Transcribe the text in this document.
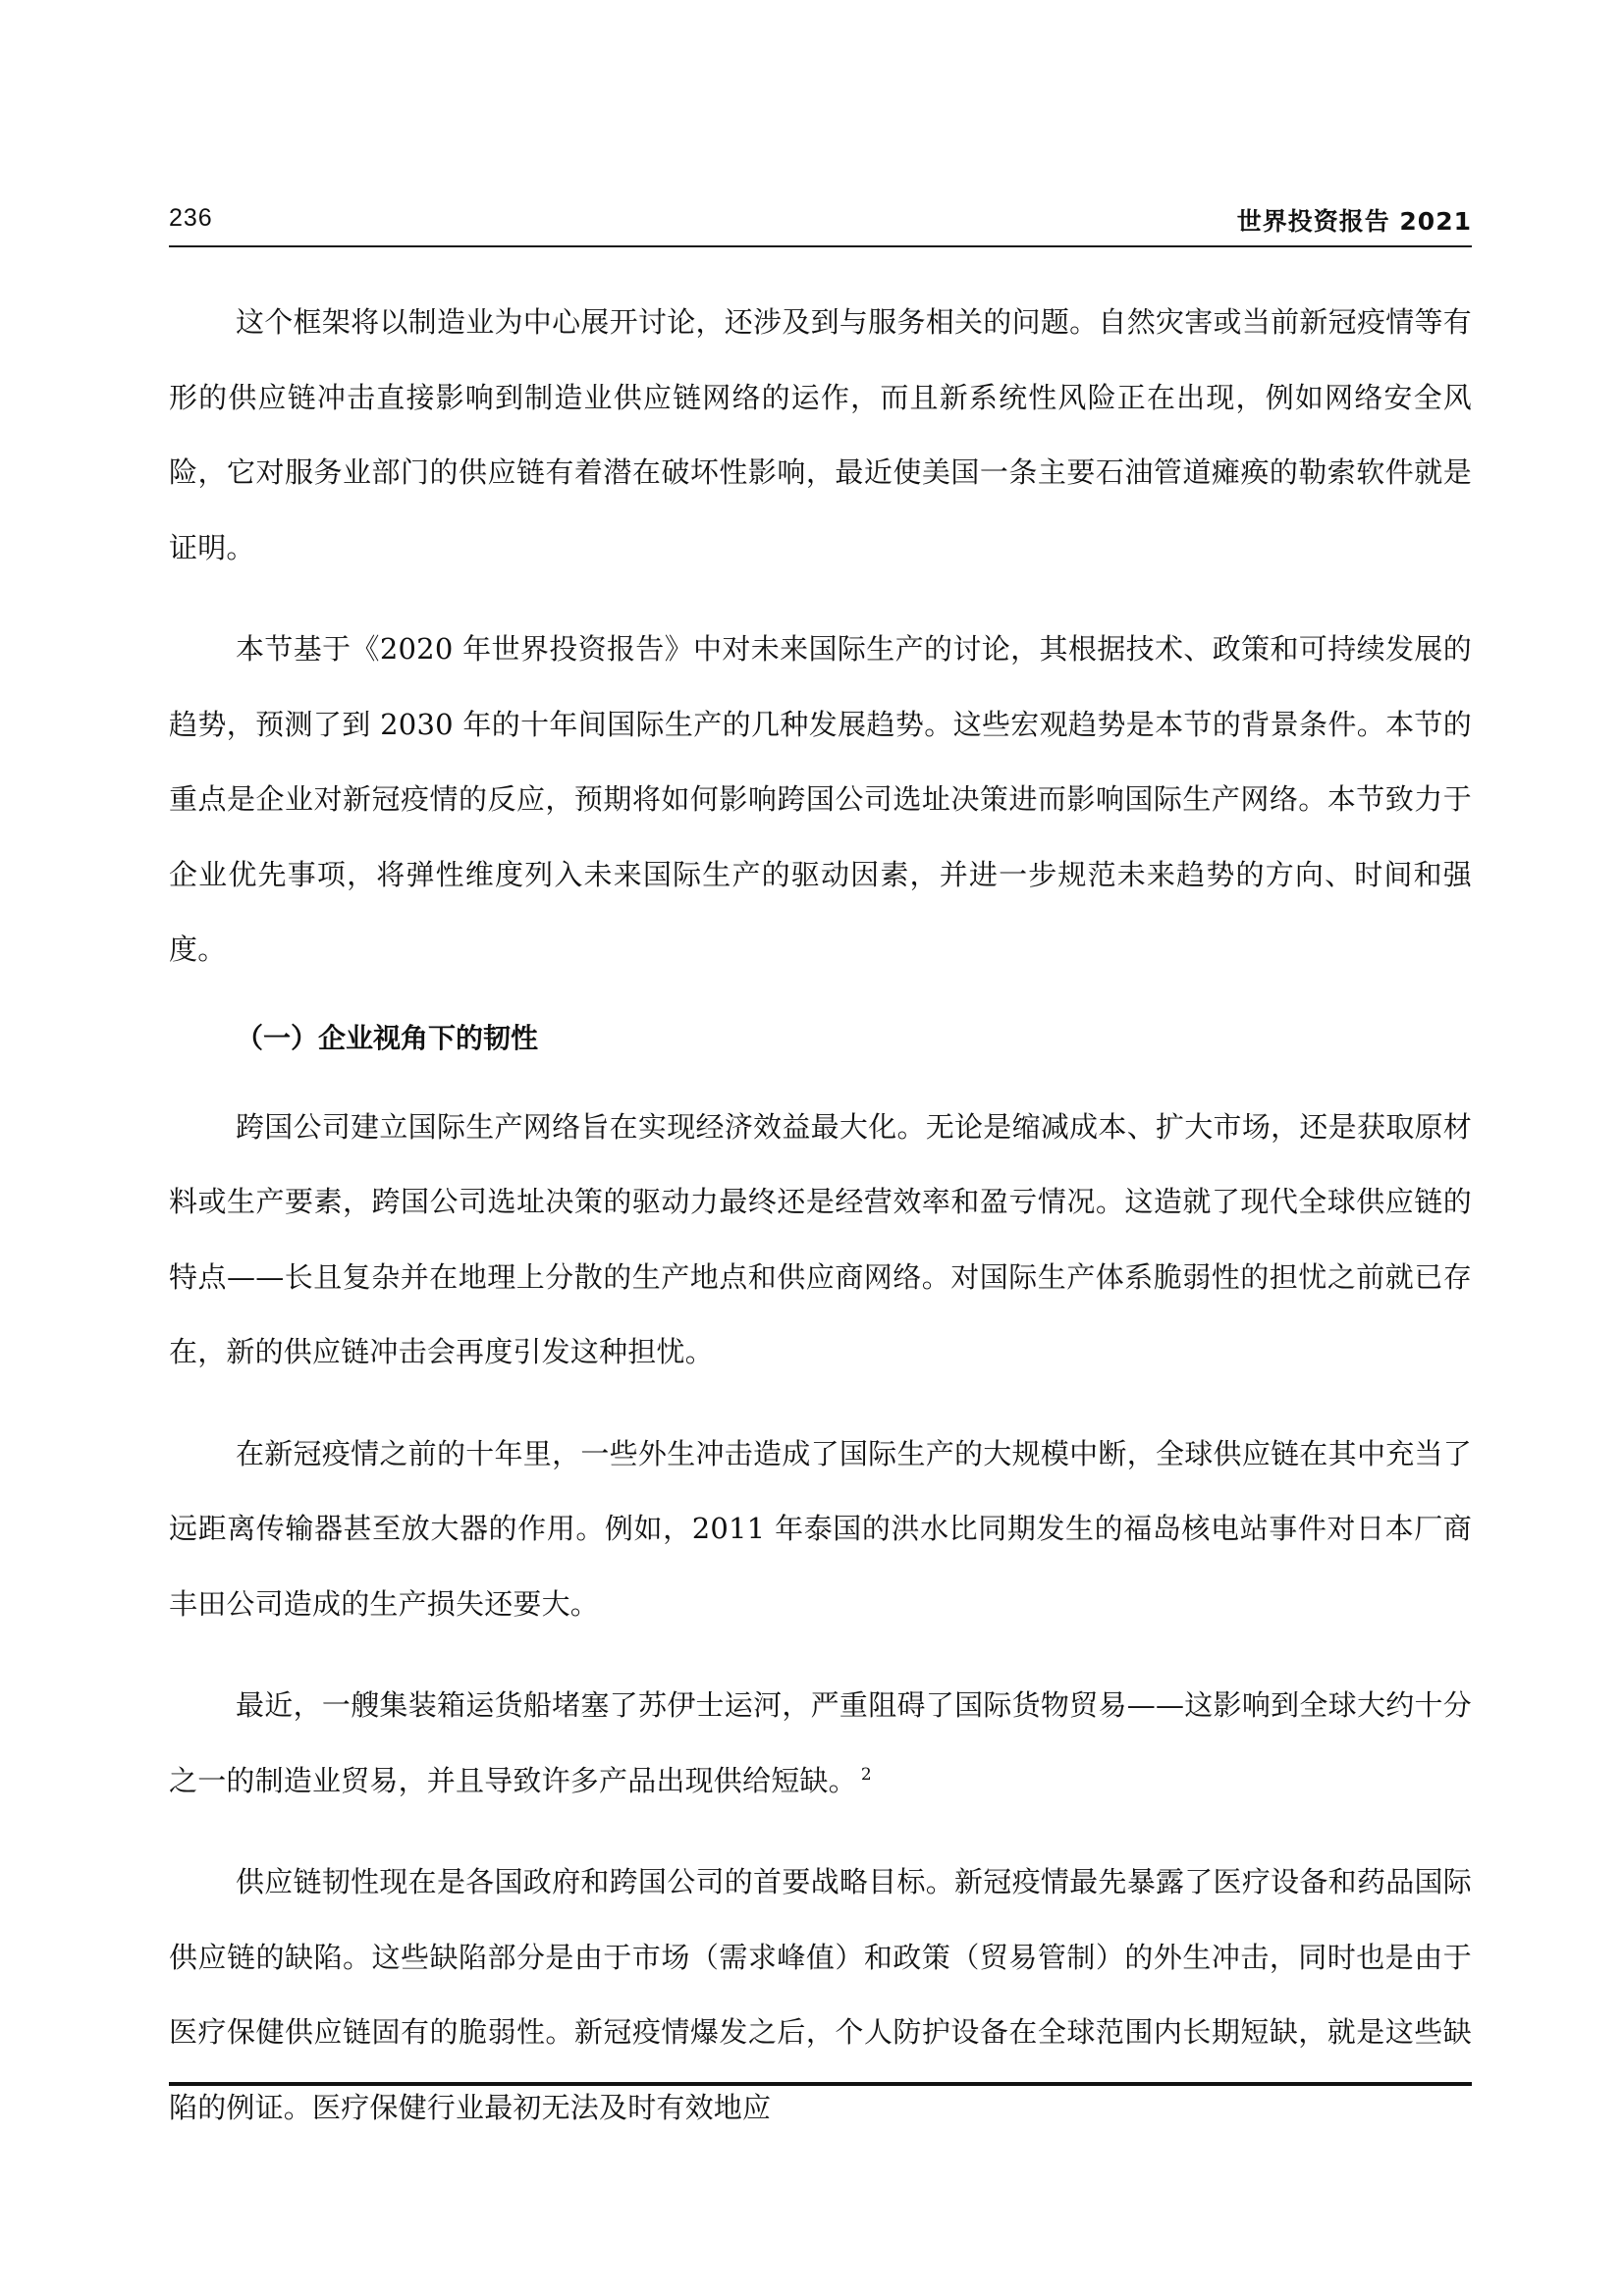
236	世界投资报告 2021

这个框架将以制造业为中心展开讨论，还涉及到与服务相关的问题。自然灾害或当前新冠疫情等有形的供应链冲击直接影响到制造业供应链网络的运作，而且新系统性风险正在出现，例如网络安全风险，它对服务业部门的供应链有着潜在破坏性影响，最近使美国一条主要石油管道瘫痪的勒索软件就是证明。

本节基于《2020 年世界投资报告》中对未来国际生产的讨论，其根据技术、政策和可持续发展的趋势，预测了到 2030 年的十年间国际生产的几种发展趋势。这些宏观趋势是本节的背景条件。本节的重点是企业对新冠疫情的反应，预期将如何影响跨国公司选址决策进而影响国际生产网络。本节致力于企业优先事项，将弹性维度列入未来国际生产的驱动因素，并进一步规范未来趋势的方向、时间和强度。

（一）企业视角下的韧性

跨国公司建立国际生产网络旨在实现经济效益最大化。无论是缩减成本、扩大市场，还是获取原材料或生产要素，跨国公司选址决策的驱动力最终还是经营效率和盈亏情况。这造就了现代全球供应链的特点——长且复杂并在地理上分散的生产地点和供应商网络。对国际生产体系脆弱性的担忧之前就已存在，新的供应链冲击会再度引发这种担忧。

在新冠疫情之前的十年里，一些外生冲击造成了国际生产的大规模中断，全球供应链在其中充当了远距离传输器甚至放大器的作用。例如，2011 年泰国的洪水比同期发生的福岛核电站事件对日本厂商丰田公司造成的生产损失还要大。

最近，一艘集装箱运货船堵塞了苏伊士运河，严重阻碍了国际货物贸易——这影响到全球大约十分之一的制造业贸易，并且导致许多产品出现供给短缺。 $^2$

供应链韧性现在是各国政府和跨国公司的首要战略目标。新冠疫情最先暴露了医疗设备和药品国际供应链的缺陷。这些缺陷部分是由于市场（需求峰值）和政策（贸易管制）的外生冲击，同时也是由于医疗保健供应链固有的脆弱性。新冠疫情爆发之后，个人防护设备在全球范围内长期短缺，就是这些缺陷的例证。医疗保健行业最初无法及时有效地应
